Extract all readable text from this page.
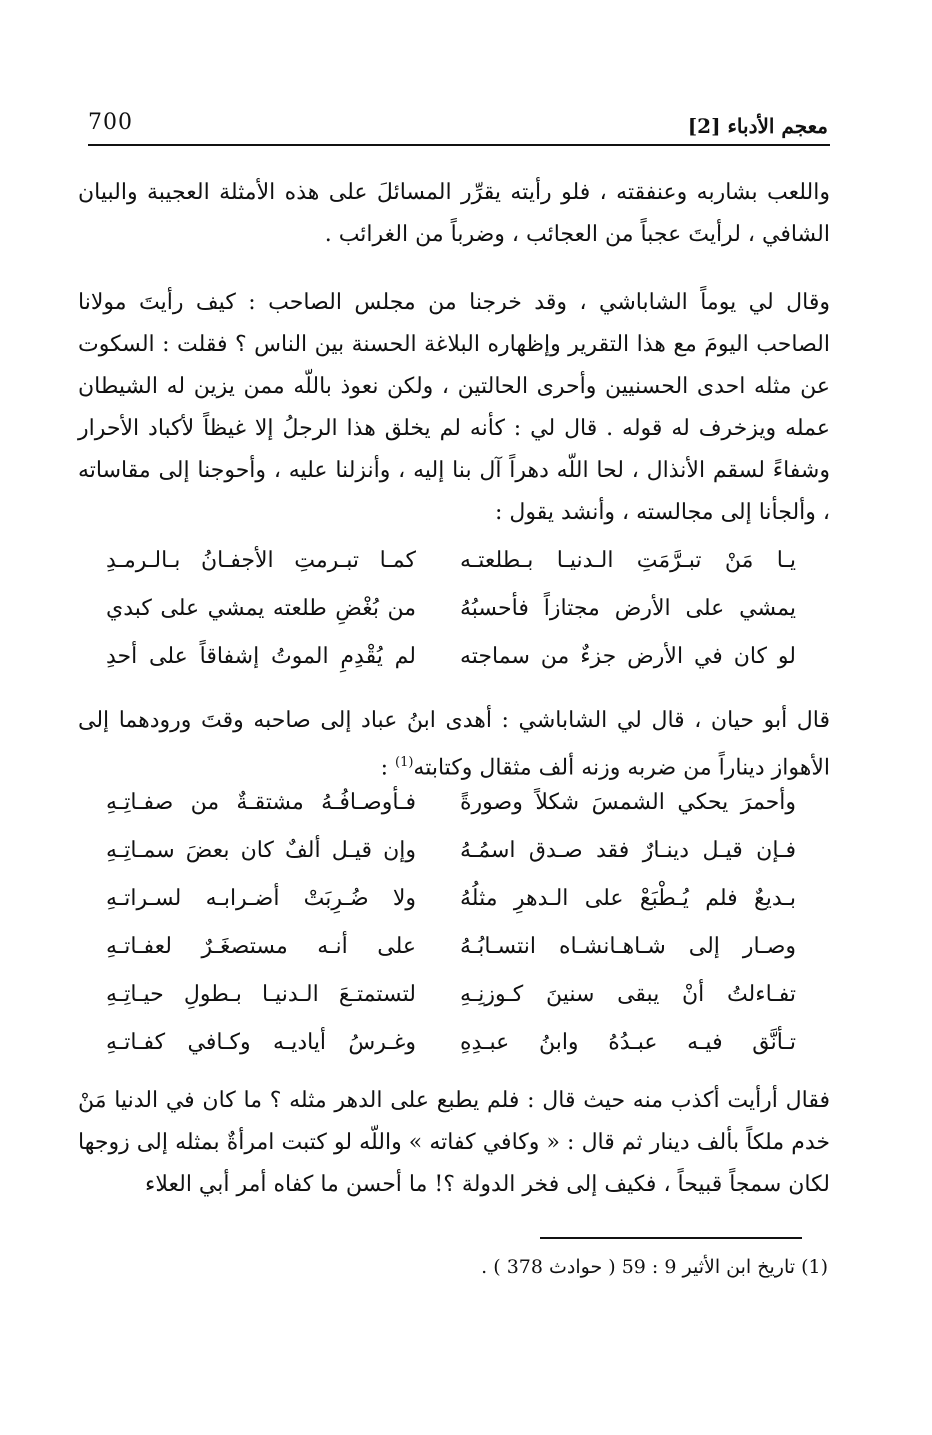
700	معجم الأدباء [2]

واللعب بشاربه وعنفقته ، فلو رأيته يقرِّر المسائلَ على هذه الأمثلة العجيبة والبيان الشافي ، لرأيتَ عجباً من العجائب ، وضرباً من الغرائب .

وقال لي يوماً الشاباشي ، وقد خرجنا من مجلس الصاحب : كيف رأيتَ مولانا الصاحب اليومَ مع هذا التقرير وإظهاره البلاغة الحسنة بين الناس ؟ فقلت : السكوت عن مثله احدى الحسنيين وأحرى الحالتين ، ولكن نعوذ باللّه ممن يزين له الشيطان عمله ويزخرف له قوله . قال لي : كأنه لم يخلق هذا الرجلُ إلا غيظاً لأكباد الأحرار وشفاءً لسقم الأنذال ، لحا اللّه دهراً آل بنا إليه ، وأنزلنا عليه ، وأحوجنا إلى مقاساته ، وألجأنا إلى مجالسته ، وأنشد يقول :

يـا مَنْ تبـرَّمَتِ الـدنيـا بـطلعتـه
كمـا تبـرمتِ الأجفـانُ بـالـرمـدِ
يمشي على الأرض مجتازاً فأحسبُهُ
من بُغْضِ طلعته يمشي على كبدي
لو كان في الأرض جزءٌ من سماجته
لم يُقْدِمِ الموتُ إشفاقاً على أحدِ

قال أبو حيان ، قال لي الشاباشي : أهدى ابنُ عباد إلى صاحبه وقتَ ورودهما إلى الأهواز ديناراً من ضربه وزنه ألف مثقال وكتابته$^{(1)}$ :

وأحمرَ يحكي الشمسَ شكلاً وصورةً
فـأوصـافُـهُ مشتقـةٌ من صفـاتِـهِ
فـإن قيـل دينـارٌ فقد صـدق اسمُـهُ
وإن قيـل ألفٌ كان بعضَ سمـاتِـهِ
بـديعٌ فلم يُـطْبَعْ على الـدهرِ مثلُهُ
ولا ضُـرِبَتْ أضـرابـه لسـراتـهِ
وصـار إلى شـاهـانشـاه انتسـابُـهُ
على أنـه مستصغَـرٌ لعفـاتـهِ
تفـاءلتُ أنْ يبقى سنينَ كـوزنِـهِ
لتستمتـعَ الـدنيـا بـطولِ حيـاتِـهِ
تـأنَّق فيـه عبـدُهُ وابنُ عبـدِهِ
وغـرسُ أياديـه وكـافي كفـاتـهِ

فقال أرأيت أكذب منه حيث قال : فلم يطبع على الدهر مثله ؟ ما كان في الدنيا مَنْ خدم ملكاً بألف دينار ثم قال : « وكافي كفاته » واللّه لو كتبت امرأةٌ بمثله إلى زوجها لكان سمجاً قبيحاً ، فكيف إلى فخر الدولة ؟! ما أحسن ما كفاه أمر أبي العلاء

(1) تاريخ ابن الأثير 9 : 59 ( حوادث 378 ) .
